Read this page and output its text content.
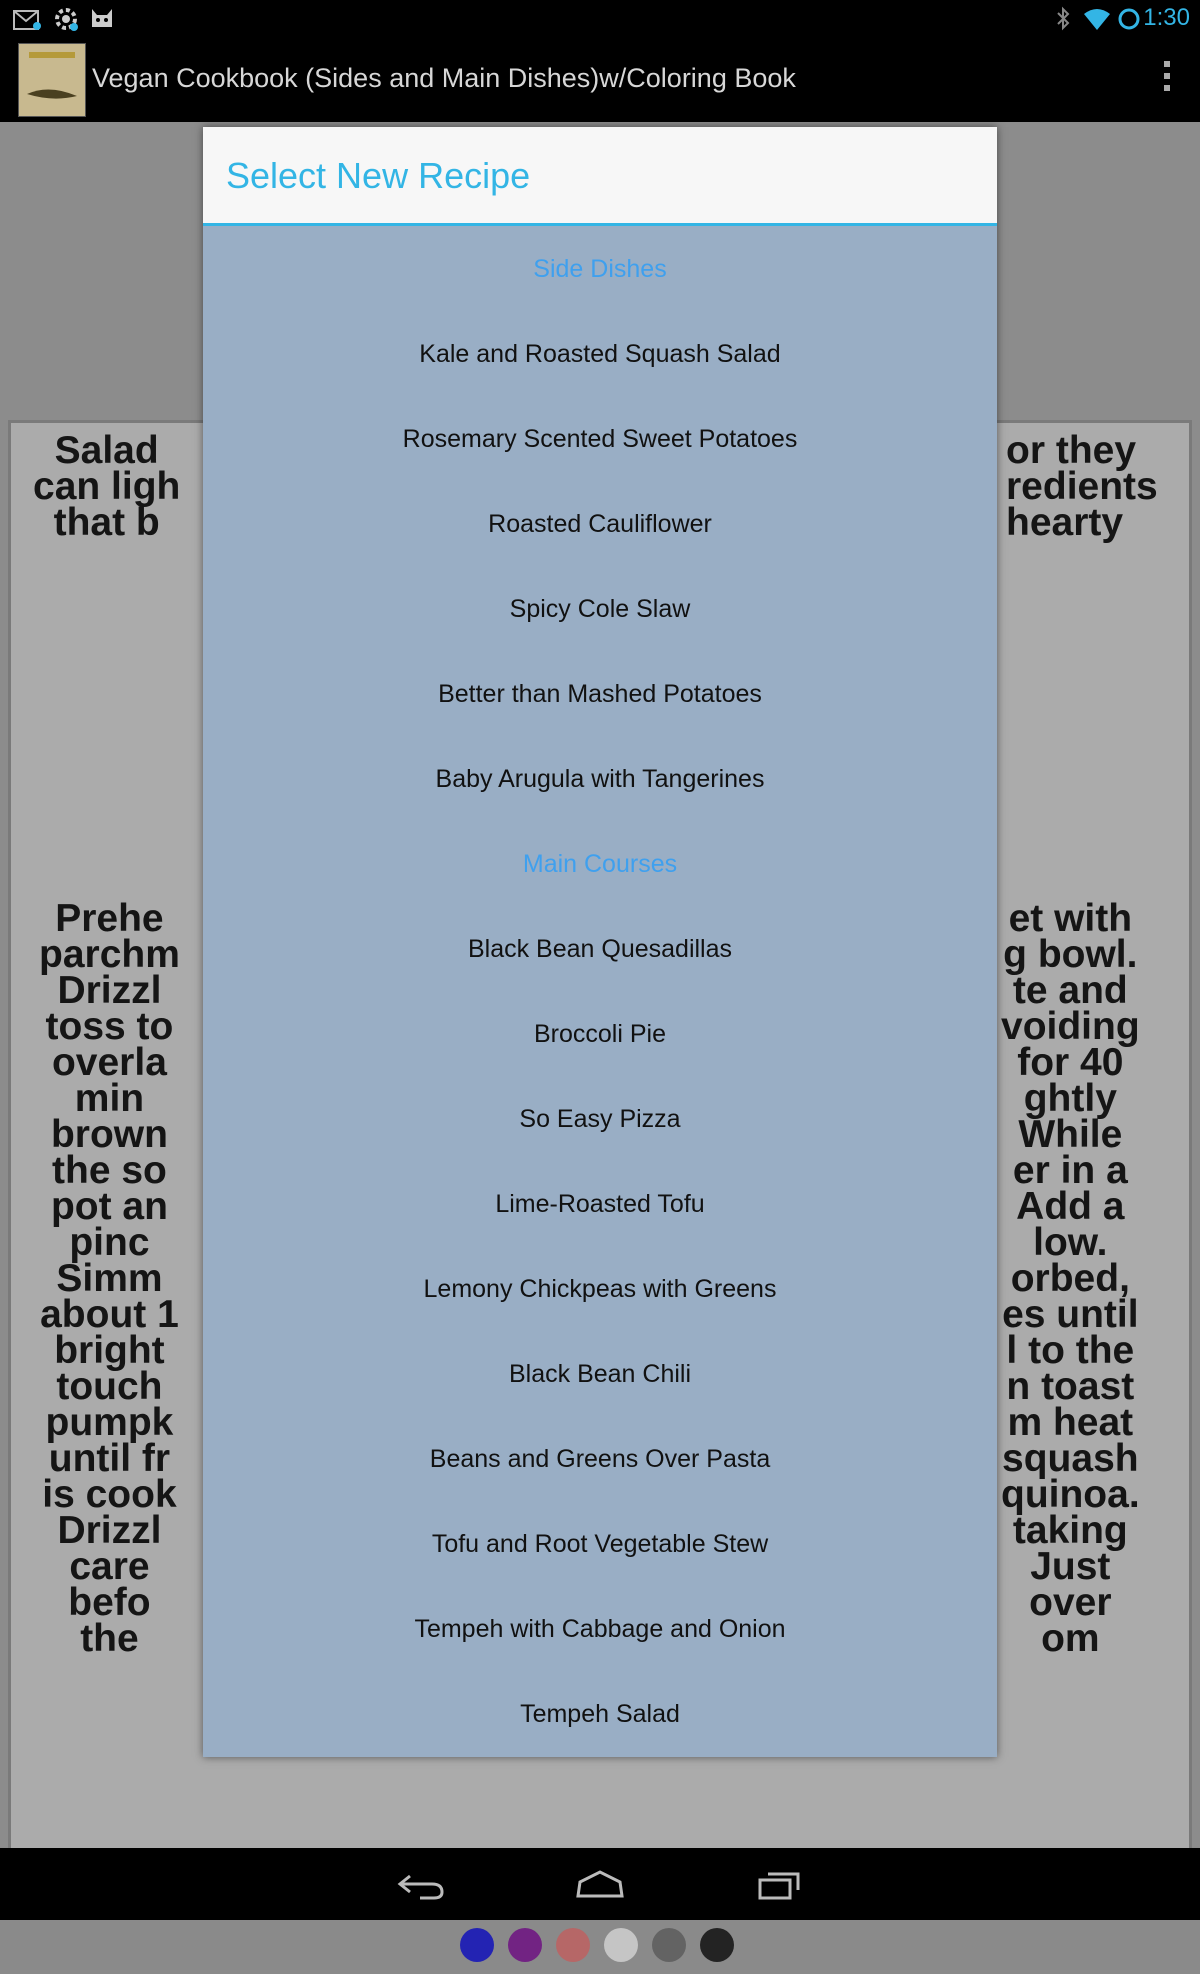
1:30
Vegan Cookbook (Sides and Main Dishes)w/Coloring Book
Salad
can ligh
that b
or they
redients
hearty
Prehe
parchm
Drizzl
toss to
overla
min
brown
the so
pot an
pinc
Simm
about 1
bright
touch
pumpk
until fr
is cook
Drizzl
care
befo
the
et with
g bowl.
te and
voiding
for 40
ghtly
While
er in a
Add a
low.
orbed,
es until
l to the
n toast
m heat
squash
quinoa.
taking
Just
over
om
Select New Recipe
Side Dishes
Kale and Roasted Squash Salad
Rosemary Scented Sweet Potatoes
Roasted Cauliflower
Spicy Cole Slaw
Better than Mashed Potatoes
Baby Arugula with Tangerines
Main Courses
Black Bean Quesadillas
Broccoli Pie
So Easy Pizza
Lime-Roasted Tofu
Lemony Chickpeas with Greens
Black Bean Chili
Beans and Greens Over Pasta
Tofu and Root Vegetable Stew
Tempeh with Cabbage and Onion
Tempeh Salad
